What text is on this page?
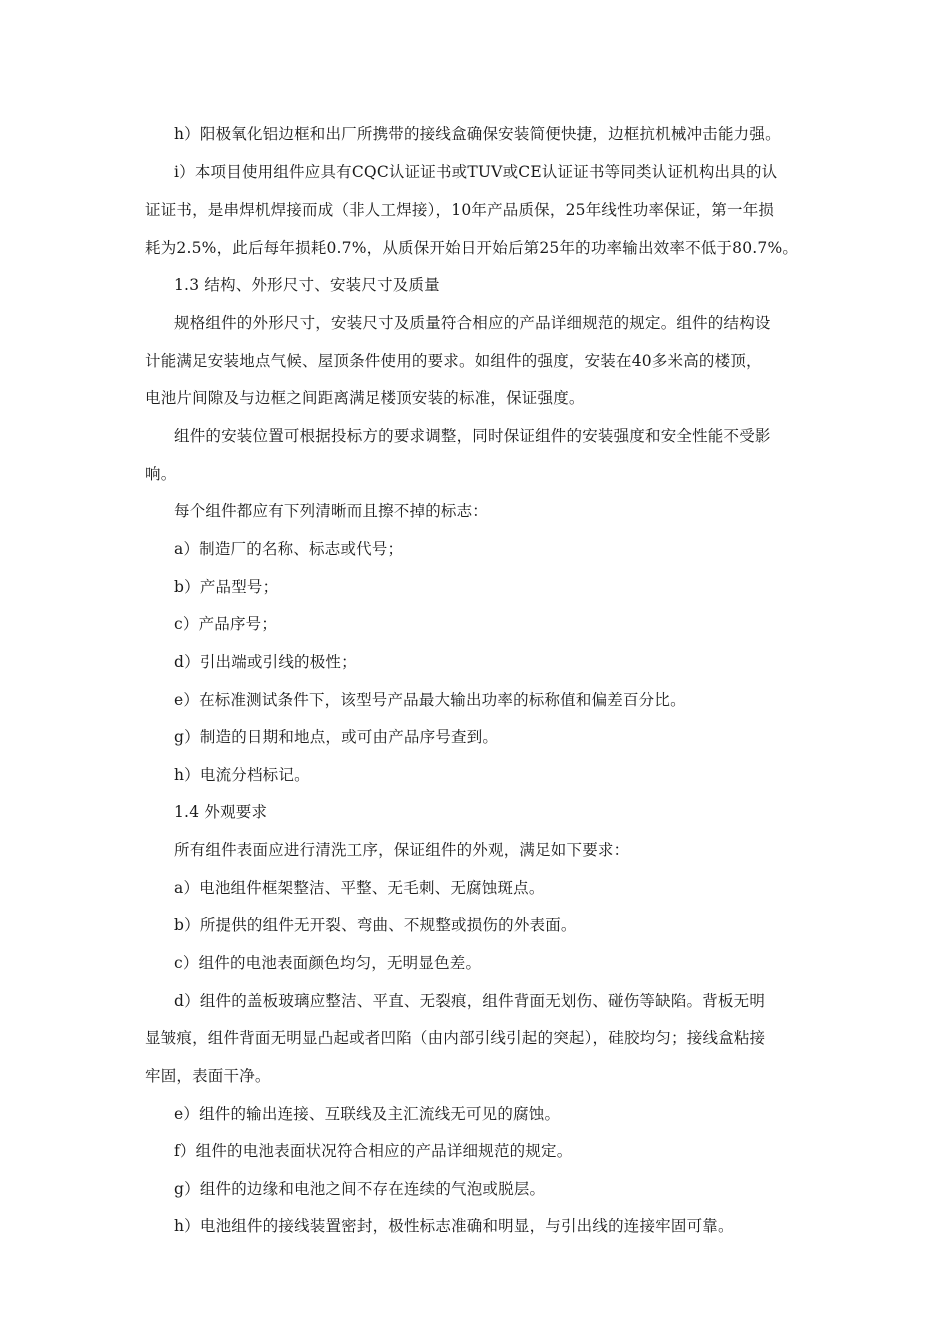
h）阳极氧化铝边框和出厂所携带的接线盒确保安装简便快捷，边框抗机械冲击能力强。
i）本项目使用组件应具有CQC认证证书或TUV或CE认证证书等同类认证机构出具的认
证证书，是串焊机焊接而成（非人工焊接），10年产品质保，25年线性功率保证，第一年损
耗为2.5%，此后每年损耗0.7%，从质保开始日开始后第25年的功率输出效率不低于80.7%。
1.3 结构、外形尺寸、安装尺寸及质量
规格组件的外形尺寸，安装尺寸及质量符合相应的产品详细规范的规定。组件的结构设
计能满足安装地点气候、屋顶条件使用的要求。如组件的强度，安装在40多米高的楼顶，
电池片间隙及与边框之间距离满足楼顶安装的标准，保证强度。
组件的安装位置可根据投标方的要求调整，同时保证组件的安装强度和安全性能不受影
响。
每个组件都应有下列清晰而且擦不掉的标志：
a）制造厂的名称、标志或代号；
b）产品型号；
c）产品序号；
d）引出端或引线的极性；
e）在标准测试条件下，该型号产品最大输出功率的标称值和偏差百分比。
g）制造的日期和地点，或可由产品序号查到。
h）电流分档标记。
1.4 外观要求
所有组件表面应进行清洗工序，保证组件的外观，满足如下要求：
a）电池组件框架整洁、平整、无毛刺、无腐蚀斑点。
b）所提供的组件无开裂、弯曲、不规整或损伤的外表面。
c）组件的电池表面颜色均匀，无明显色差。
d）组件的盖板玻璃应整洁、平直、无裂痕，组件背面无划伤、碰伤等缺陷。背板无明
显皱痕，组件背面无明显凸起或者凹陷（由内部引线引起的突起），硅胶均匀；接线盒粘接
牢固，表面干净。
e）组件的输出连接、互联线及主汇流线无可见的腐蚀。
f）组件的电池表面状况符合相应的产品详细规范的规定。
g）组件的边缘和电池之间不存在连续的气泡或脱层。
h）电池组件的接线装置密封，极性标志准确和明显，与引出线的连接牢固可靠。
